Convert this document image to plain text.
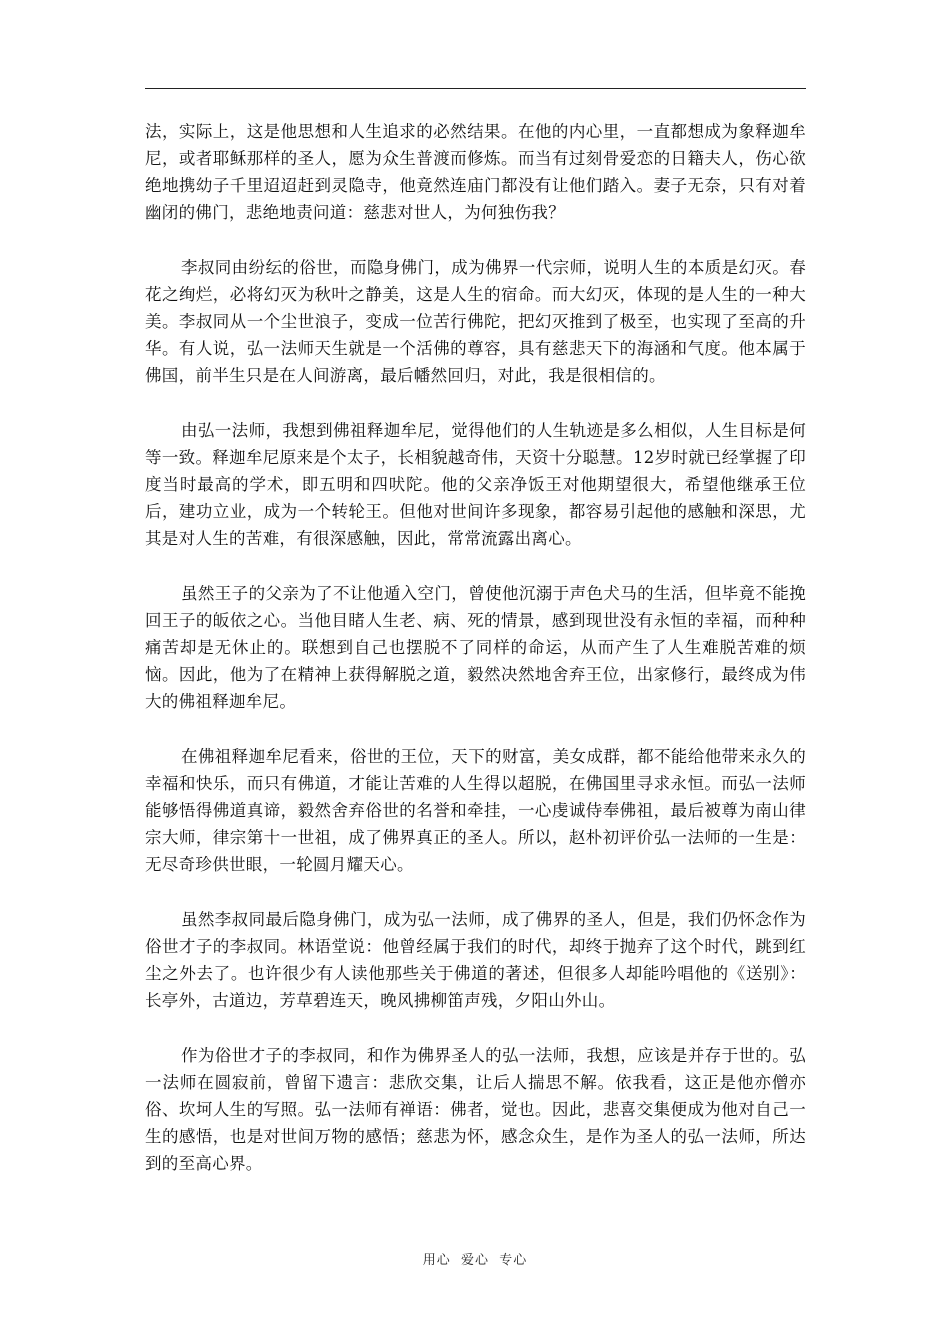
法，实际上，这是他思想和人生追求的必然结果。在他的内心里，一直都想成为象释迦牟尼，或者耶稣那样的圣人，愿为众生普渡而修炼。而当有过刻骨爱恋的日籍夫人，伤心欲绝地携幼子千里迢迢赶到灵隐寺，他竟然连庙门都没有让他们踏入。妻子无奈，只有对着幽闭的佛门，悲绝地责问道：慈悲对世人，为何独伤我？

李叔同由纷纭的俗世，而隐身佛门，成为佛界一代宗师，说明人生的本质是幻灭。春花之绚烂，必将幻灭为秋叶之静美，这是人生的宿命。而大幻灭，体现的是人生的一种大美。李叔同从一个尘世浪子，变成一位苦行佛陀，把幻灭推到了极至，也实现了至高的升华。有人说，弘一法师天生就是一个活佛的尊容，具有慈悲天下的海涵和气度。他本属于佛国，前半生只是在人间游离，最后幡然回归，对此，我是很相信的。

由弘一法师，我想到佛祖释迦牟尼，觉得他们的人生轨迹是多么相似，人生目标是何等一致。释迦牟尼原来是个太子，长相貌越奇伟，天资十分聪慧。12岁时就已经掌握了印度当时最高的学术，即五明和四吠陀。他的父亲净饭王对他期望很大，希望他继承王位后，建功立业，成为一个转轮王。但他对世间许多现象，都容易引起他的感触和深思，尤其是对人生的苦难，有很深感触，因此，常常流露出离心。

虽然王子的父亲为了不让他遁入空门，曾使他沉溺于声色犬马的生活，但毕竟不能挽回王子的皈依之心。当他目睹人生老、病、死的情景，感到现世没有永恒的幸福，而种种痛苦却是无休止的。联想到自己也摆脱不了同样的命运，从而产生了人生难脱苦难的烦恼。因此，他为了在精神上获得解脱之道，毅然决然地舍弃王位，出家修行，最终成为伟大的佛祖释迦牟尼。

在佛祖释迦牟尼看来，俗世的王位，天下的财富，美女成群，都不能给他带来永久的幸福和快乐，而只有佛道，才能让苦难的人生得以超脱，在佛国里寻求永恒。而弘一法师能够悟得佛道真谛，毅然舍弃俗世的名誉和牵挂，一心虔诚侍奉佛祖，最后被尊为南山律宗大师，律宗第十一世祖，成了佛界真正的圣人。所以，赵朴初评价弘一法师的一生是：无尽奇珍供世眼，一轮圆月耀天心。

虽然李叔同最后隐身佛门，成为弘一法师，成了佛界的圣人，但是，我们仍怀念作为俗世才子的李叔同。林语堂说：他曾经属于我们的时代，却终于抛弃了这个时代，跳到红尘之外去了。也许很少有人读他那些关于佛道的著述，但很多人却能吟唱他的《送别》：长亭外，古道边，芳草碧连天，晚风拂柳笛声残，夕阳山外山。

作为俗世才子的李叔同，和作为佛界圣人的弘一法师，我想，应该是并存于世的。弘一法师在圆寂前，曾留下遗言：悲欣交集，让后人揣思不解。依我看，这正是他亦僧亦俗、坎坷人生的写照。弘一法师有禅语：佛者，觉也。因此，悲喜交集便成为他对自己一生的感悟，也是对世间万物的感悟；慈悲为怀，感念众生，是作为圣人的弘一法师，所达到的至高心界。

用心  爱心  专心
